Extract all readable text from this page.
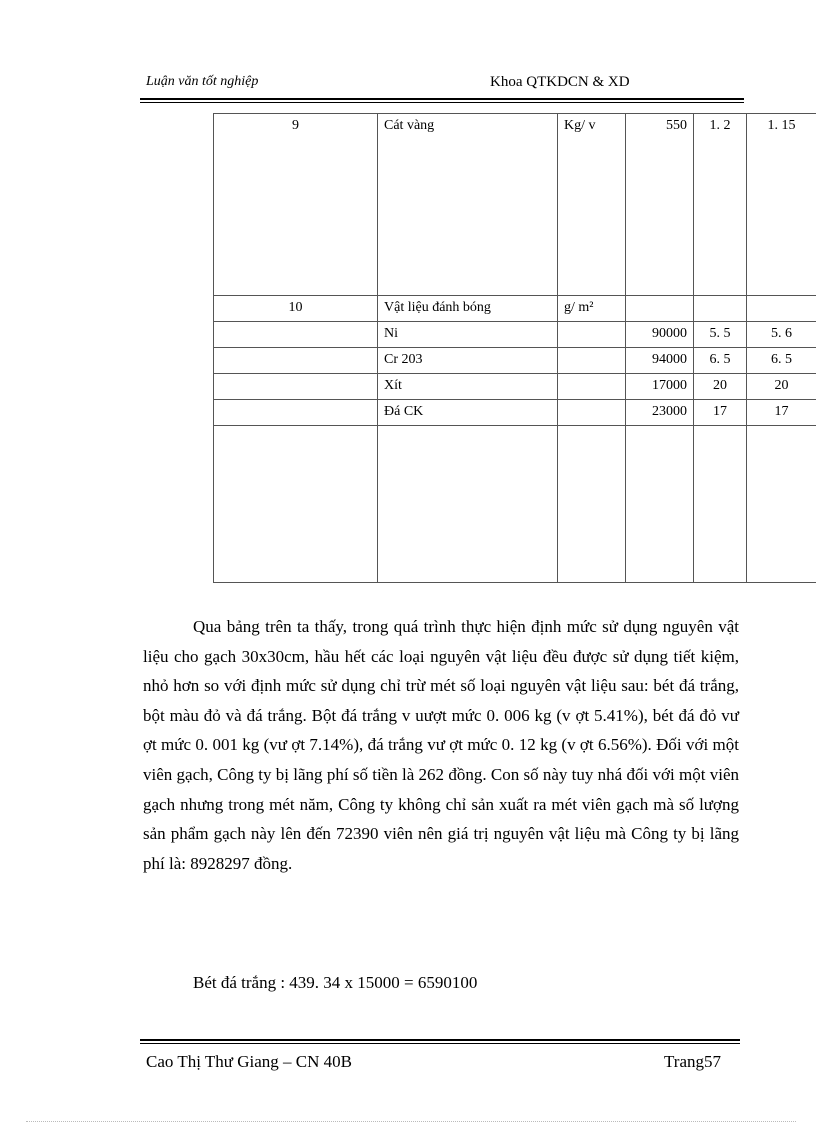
Luận văn tốt nghiệp	Khoa QTKDCN & XD
9	Cát vàng	Kg/ v	550	1. 2	1. 15
10	Vật liệu đánh bóng	g/ m²			
	Ni		90000	5. 5	5. 6
	Cr 203		94000	6. 5	6. 5
	Xít		17000	20	20
	Đá CK		23000	17	17

Qua bảng trên ta thấy, trong quá trình thực hiện định mức sử dụng nguyên vật liệu cho gạch 30x30cm, hầu hết các loại nguyên vật liệu đều được sử dụng tiết kiệm, nhỏ hơn so với định mức sử dụng chỉ trừ mét số loại nguyên vật liệu sau: bét đá trắng, bột màu đỏ và đá trắng. Bột đá trắng v uượt mức 0. 006 kg (v ợt 5.41%), bét đá đỏ vư ợt mức 0. 001 kg (vư ợt 7.14%), đá trắng vư ợt mức 0. 12 kg (v ợt 6.56%). Đối với một viên gạch, Công ty bị lãng phí số tiền là 262 đồng. Con số này tuy nhá đối với một viên gạch nhưng trong mét năm, Công ty không chỉ sản xuất ra mét viên gạch mà số lượng sản phẩm gạch này lên đến 72390 viên nên giá trị nguyên vật liệu mà Công ty bị lãng phí là: 8928297 đồng.

Bét đá trắng : 439. 34 x 15000 = 6590100
Cao Thị Thư Giang – CN 40B	Trang57
